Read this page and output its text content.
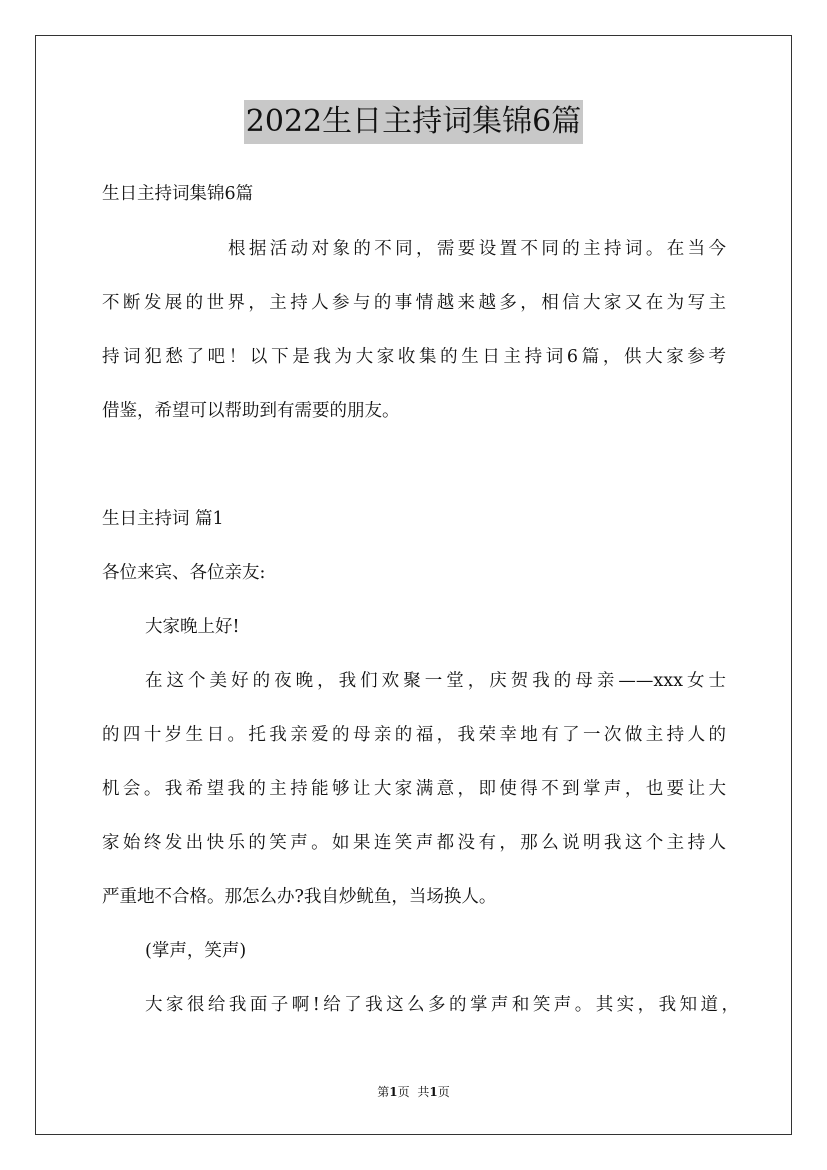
2022生日主持词集锦6篇
生日主持词集锦6篇
根据活动对象的不同，需要设置不同的主持词。在当今
不断发展的世界，主持人参与的事情越来越多，相信大家又在为写主
持词犯愁了吧！以下是我为大家收集的生日主持词6篇，供大家参考
借鉴，希望可以帮助到有需要的朋友。
生日主持词 篇1
各位来宾、各位亲友:
大家晚上好!
在这个美好的夜晚，我们欢聚一堂，庆贺我的母亲——xxx女士
的四十岁生日。托我亲爱的母亲的福，我荣幸地有了一次做主持人的
机会。我希望我的主持能够让大家满意，即使得不到掌声，也要让大
家始终发出快乐的笑声。如果连笑声都没有，那么说明我这个主持人
严重地不合格。那怎么办?我自炒鱿鱼，当场换人。
(掌声，笑声)
大家很给我面子啊!给了我这么多的掌声和笑声。其实，我知道，
第1页 共1页
